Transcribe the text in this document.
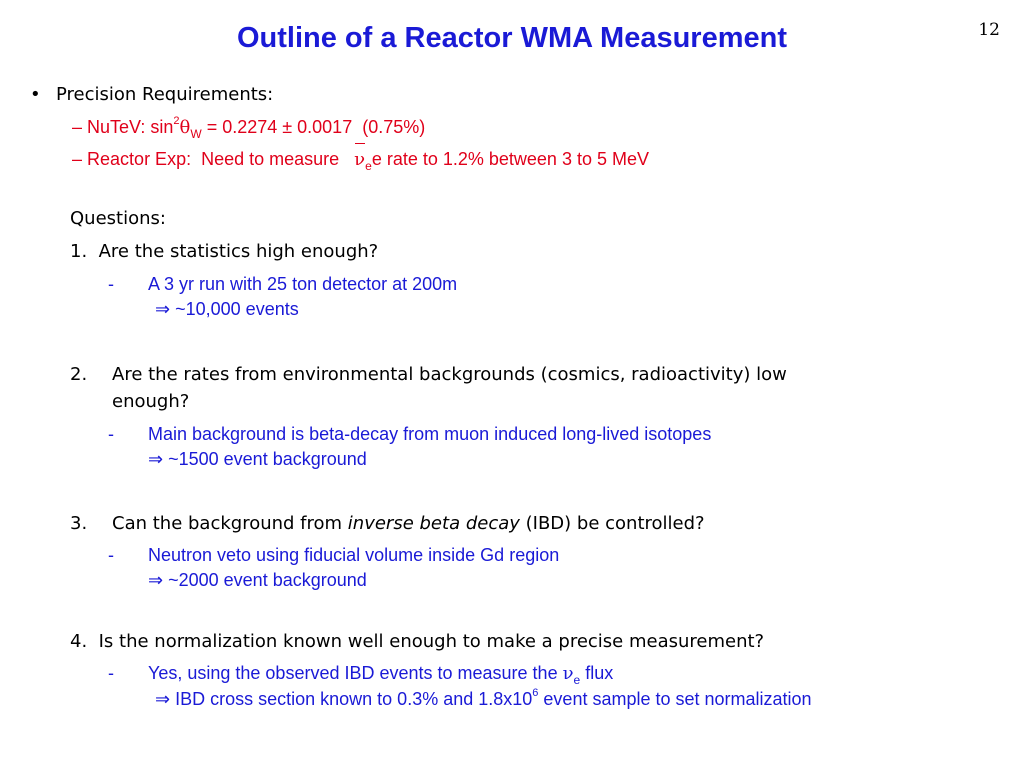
12
Outline of a Reactor WMA Measurement
• Precision Requirements:
– NuTeV: $\sin^2\theta_W = 0.2274 \pm 0.0017$  (0.75%)
– Reactor Exp:  Need to measure
$\nu_ee$ rate to 1.2% between 3 to 5 MeV
Questions:
1.  Are the statistics high enough?
- A 3 yr run with 25 ton detector at 200m
⇒ ~10,000 events
2. Are the rates from environmental backgrounds (cosmics, radioactivity) low
enough?
- Main background is beta-decay from muon induced long-lived isotopes
⇒ ~1500 event background
3. Can the background from inverse beta decay (IBD) be controlled?
- Neutron veto using fiducial volume inside Gd region
⇒ ~2000 event background
4.  Is the normalization known well enough to make a precise measurement?
- Yes, using the observed IBD events to measure the $\nu_e$ flux
⇒ IBD cross section known to 0.3% and $1.8x10^6$ event sample to set normalization
